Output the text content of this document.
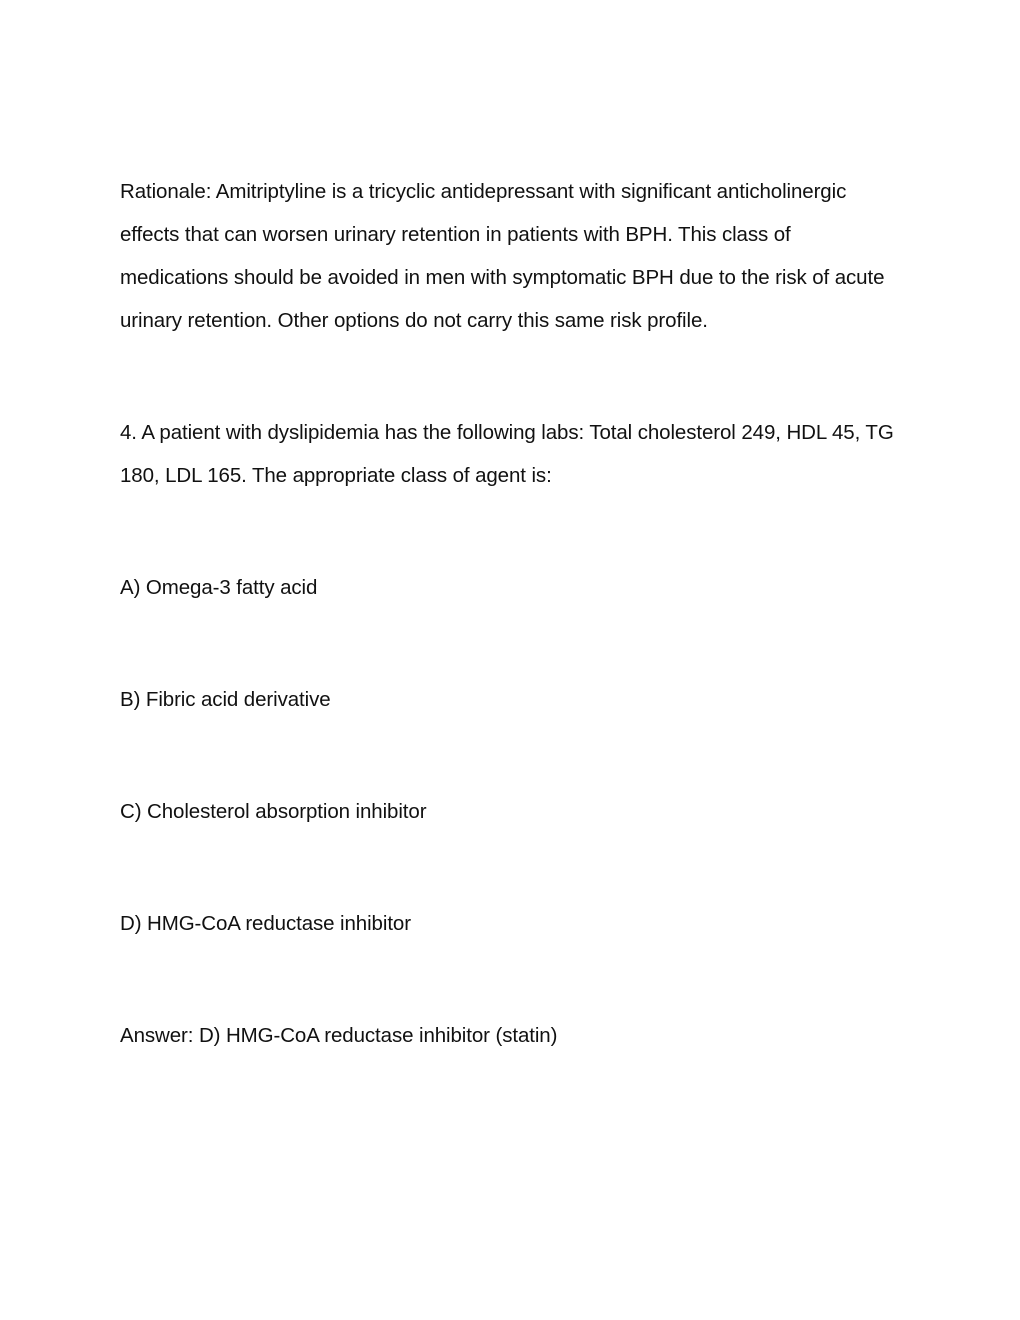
Rationale: Amitriptyline is a tricyclic antidepressant with significant anticholinergic effects that can worsen urinary retention in patients with BPH. This class of medications should be avoided in men with symptomatic BPH due to the risk of acute urinary retention. Other options do not carry this same risk profile.

4. A patient with dyslipidemia has the following labs: Total cholesterol 249, HDL 45, TG 180, LDL 165. The appropriate class of agent is:

A) Omega-3 fatty acid

B) Fibric acid derivative

C) Cholesterol absorption inhibitor

D) HMG-CoA reductase inhibitor

Answer: D) HMG-CoA reductase inhibitor (statin)
